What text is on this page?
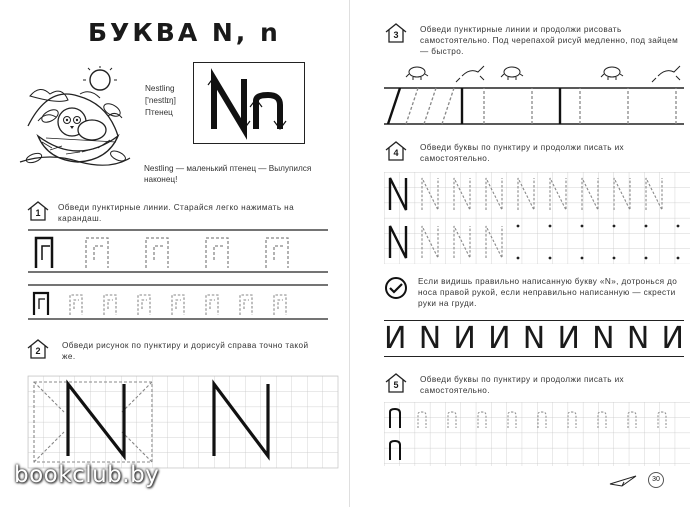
БУКВА N, n
Nestling
['nestlɪŋ]
Птенец
Nestling — маленький птенец — Вылупился наконец!
1
Обведи пунктирные линии. Старайся легко нажимать на карандаш.
2
Обведи рисунок по пунктиру и дорисуй справа точно такой же.
bookclub.by
3
Обведи пунктирные линии и продолжи рисовать самостоятельно. Под черепахой рисуй медленно, под зайцем — быстро.
4
Обведи буквы по пунктиру и продолжи писать их самостоятельно.
Если видишь правильно написанную букву «N», дотронься до носа правой рукой, если неправильно написанную — скрести руки на груди.
И N И И N И N N И
5
Обведи буквы по пунктиру и продолжи писать их самостоятельно.
30
